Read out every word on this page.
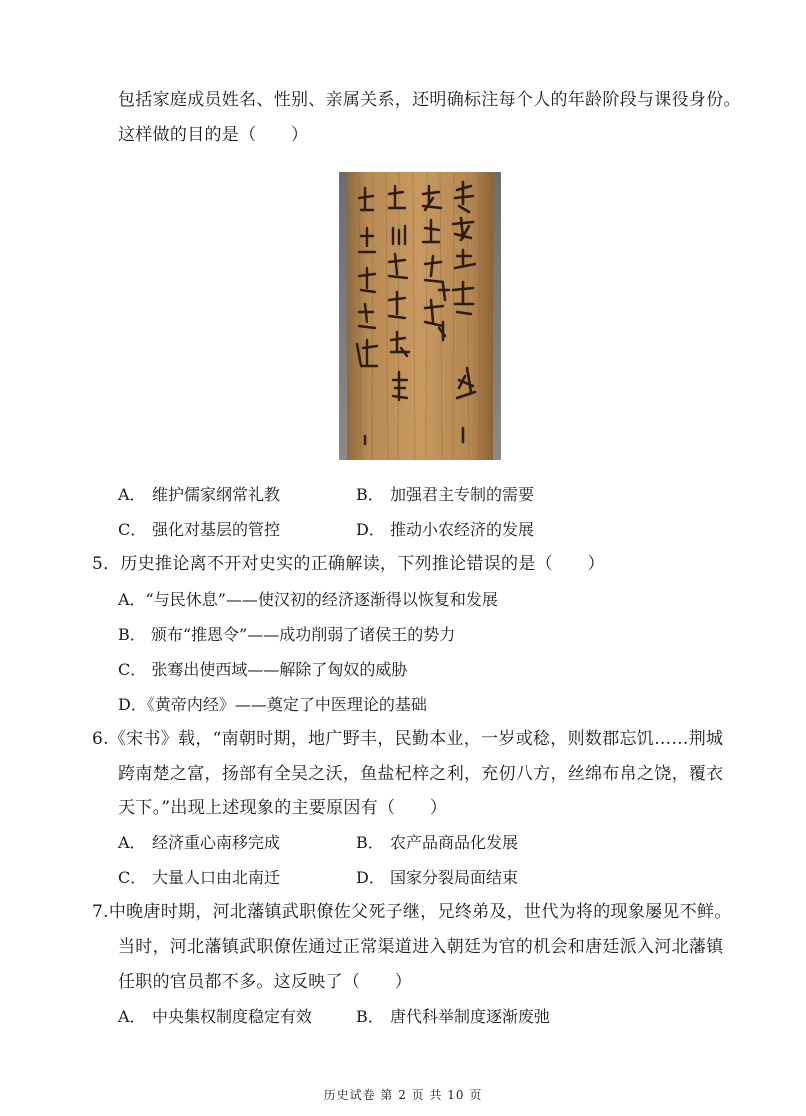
包括家庭成员姓名、性别、亲属关系，还明确标注每个人的年龄阶段与课役身份。
这样做的目的是（　　）
A． 维护儒家纲常礼教	B． 加强君主专制的需要
C． 强化对基层的管控	D． 推动小农经济的发展
5．历史推论离不开对史实的正确解读，下列推论错误的是（　　）
A．“与民休息”——使汉初的经济逐渐得以恢复和发展
B． 颁布“推恩令”——成功削弱了诸侯王的势力
C． 张骞出使西域——解除了匈奴的威胁
D．《黄帝内经》——奠定了中医理论的基础
6.《宋书》载，“南朝时期，地广野丰，民勤本业，一岁或稔，则数郡忘饥……荆城
跨南楚之富，扬部有全吴之沃，鱼盐杞梓之利，充仞八方，丝绵布帛之饶，覆衣
天下。”出现上述现象的主要原因有（　　）
A． 经济重心南移完成	B． 农产品商品化发展
C． 大量人口由北南迁	D． 国家分裂局面结束
7.中晚唐时期，河北藩镇武职僚佐父死子继，兄终弟及，世代为将的现象屡见不鲜。
当时，河北藩镇武职僚佐通过正常渠道进入朝廷为官的机会和唐廷派入河北藩镇
任职的官员都不多。这反映了（　　）
A． 中央集权制度稳定有效	B． 唐代科举制度逐渐废弛
历史试卷 第 2 页 共 10 页
